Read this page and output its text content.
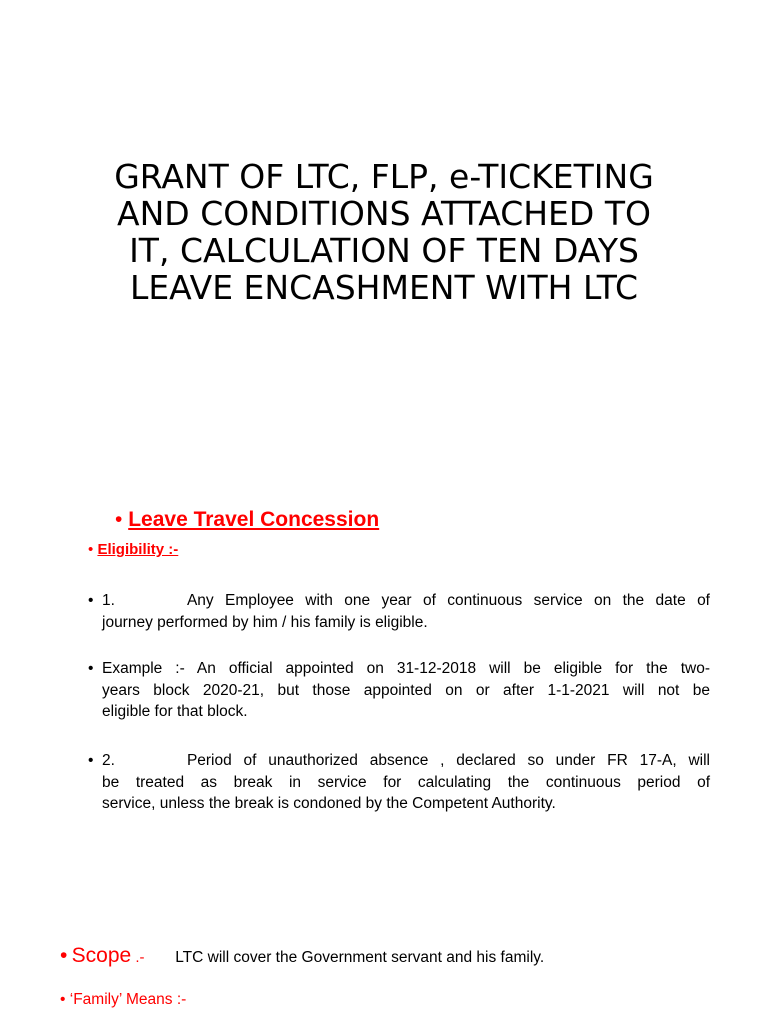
GRANT OF LTC, FLP, e-TICKETING
AND CONDITIONS ATTACHED TO
IT, CALCULATION OF TEN DAYS
LEAVE ENCASHMENT WITH LTC
• Leave Travel Concession
• Eligibility :-
• 1.	Any Employee with one year of continuous service on the date of
journey performed by him / his family is eligible.
• Example :- An official appointed on 31-12-2018 will be eligible for the two-
years block 2020-21, but those appointed on or after 1-1-2021 will not be
eligible for that block.
• 2.	Period of unauthorized absence , declared so under FR 17-A, will
be treated as break in service for calculating the continuous period of
service, unless the break is condoned by the Competent Authority.
• Scope .- LTC will cover the Government servant and his family.
• ‘Family’ Means :-
